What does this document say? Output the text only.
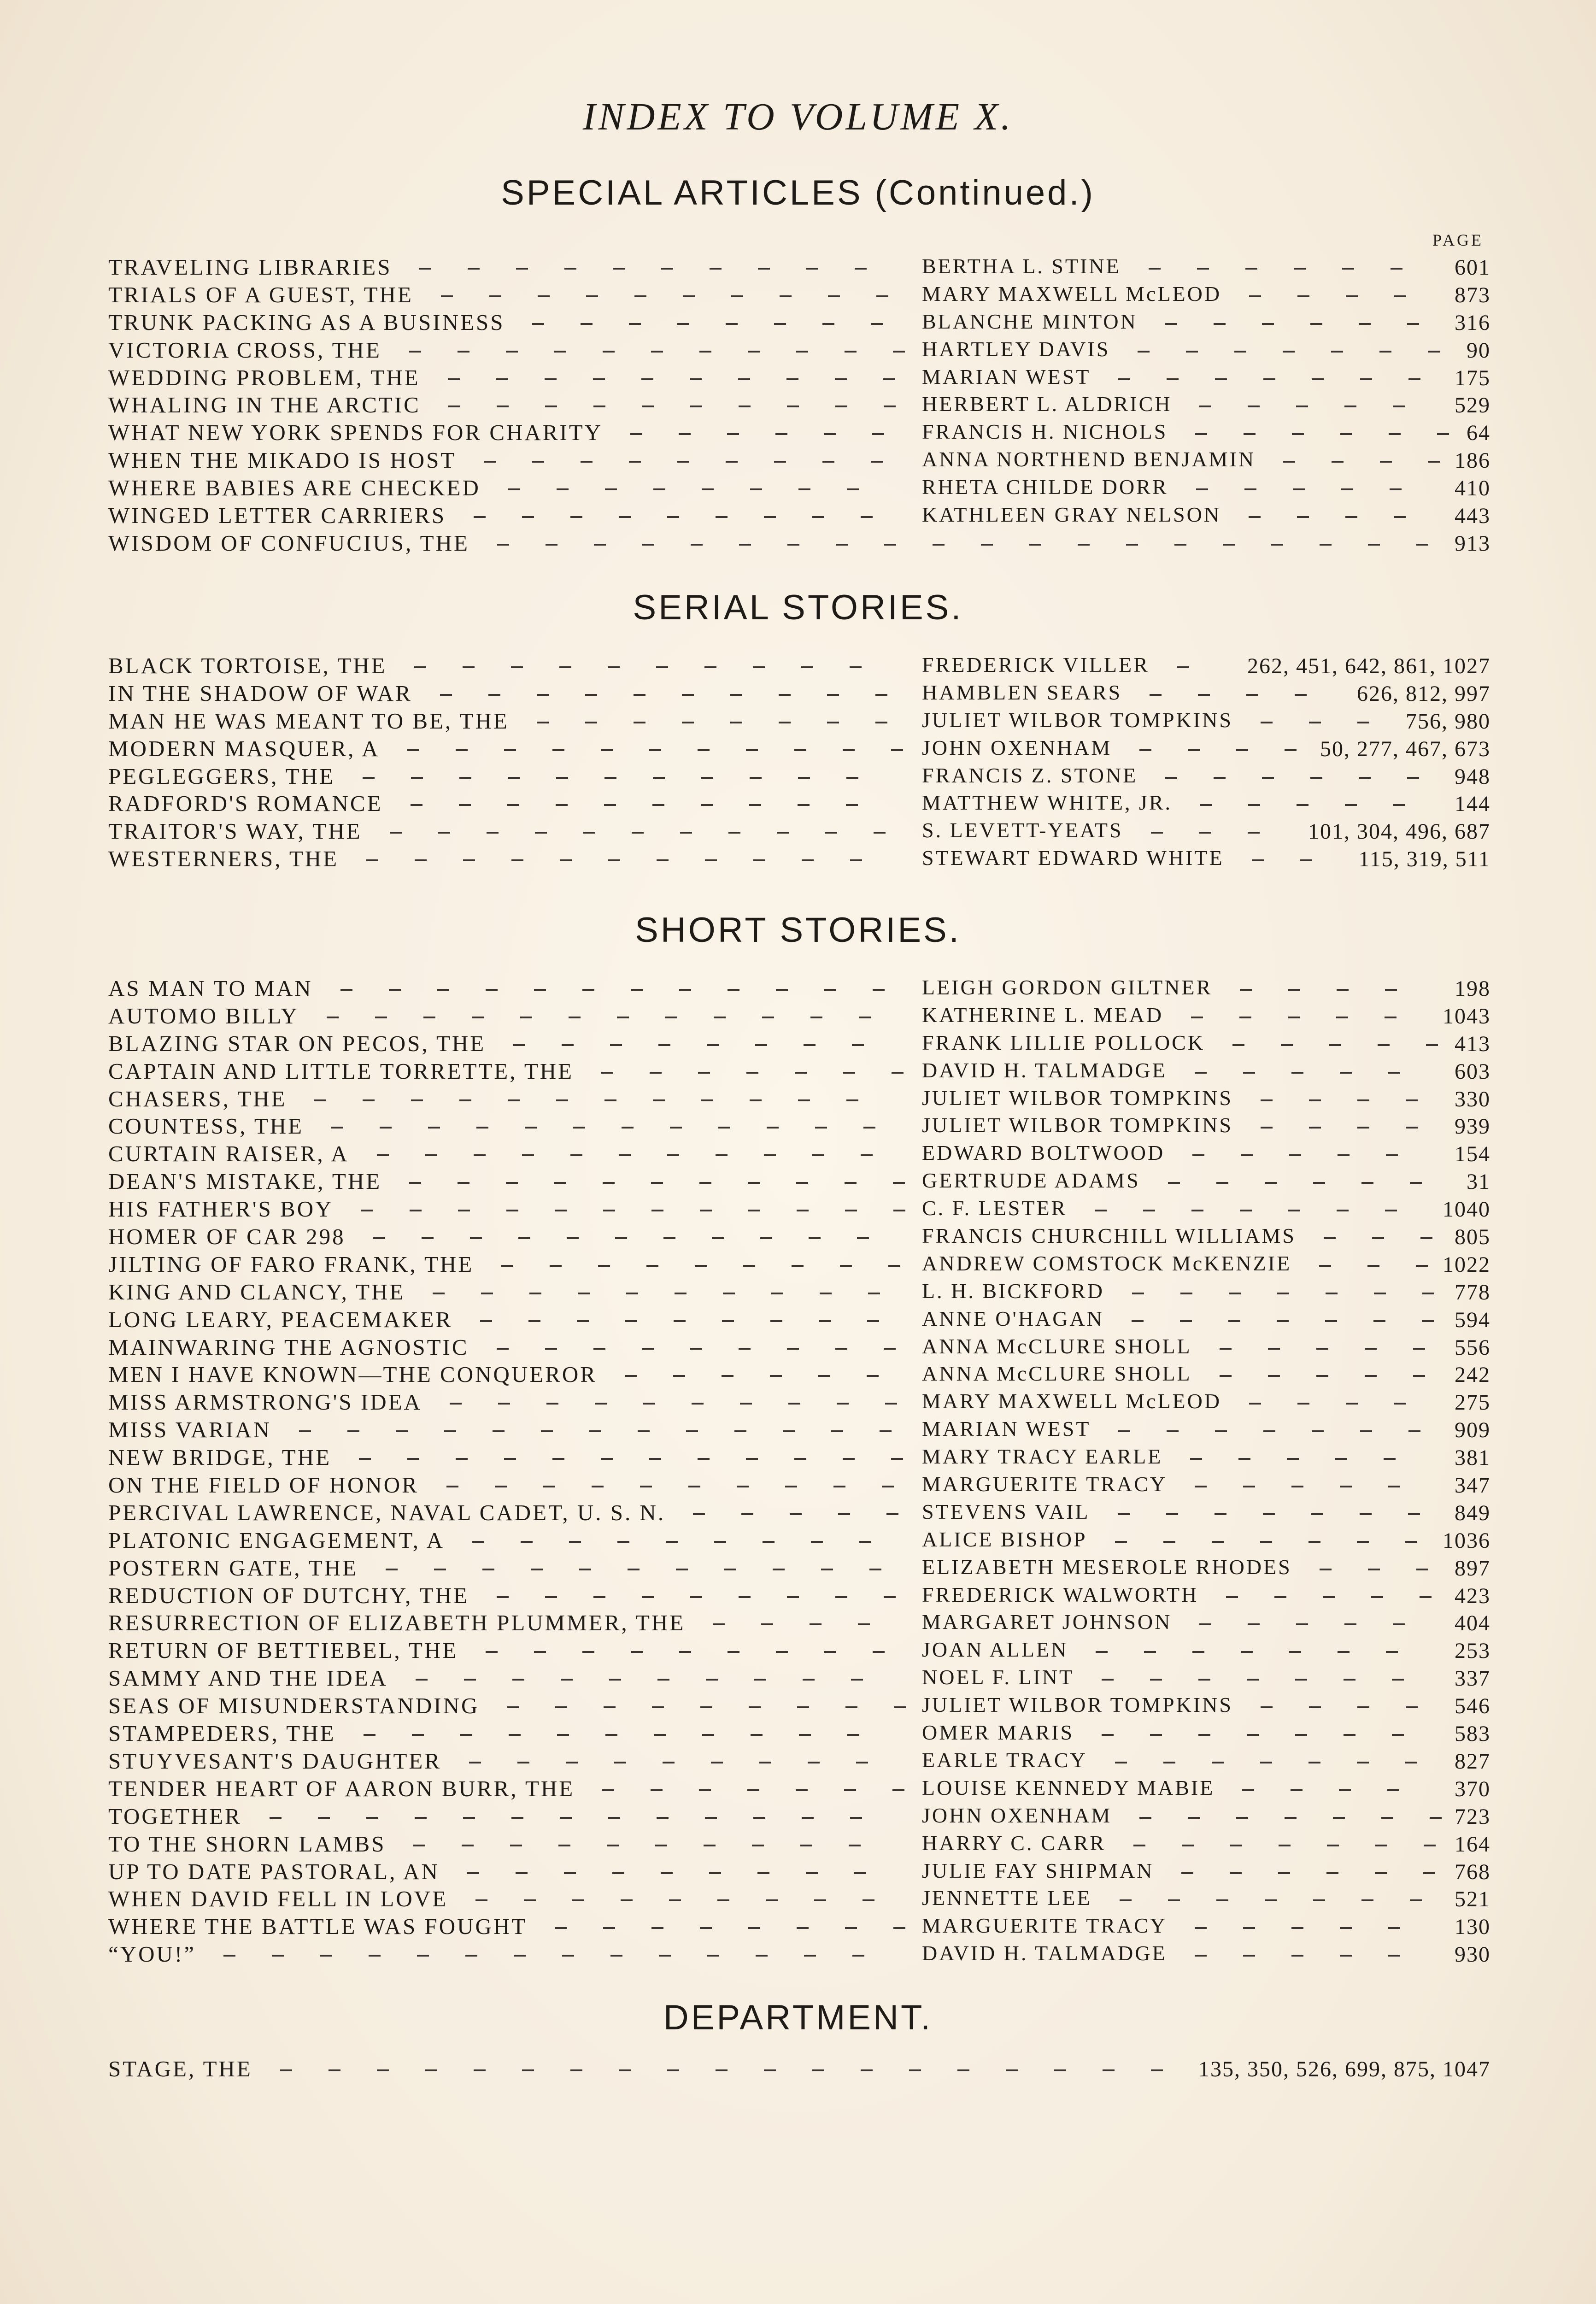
INDEX TO VOLUME X.
SPECIAL ARTICLES (Continued.)
PAGE
TRAVELING LIBRARIES	BERTHA L. STINE	601
TRIALS OF A GUEST, THE	MARY MAXWELL McLEOD	873
TRUNK PACKING AS A BUSINESS	BLANCHE MINTON	316
VICTORIA CROSS, THE	HARTLEY DAVIS	90
WEDDING PROBLEM, THE	MARIAN WEST	175
WHALING IN THE ARCTIC	HERBERT L. ALDRICH	529
WHAT NEW YORK SPENDS FOR CHARITY	FRANCIS H. NICHOLS	64
WHEN THE MIKADO IS HOST	ANNA NORTHEND BENJAMIN	186
WHERE BABIES ARE CHECKED	RHETA CHILDE DORR	410
WINGED LETTER CARRIERS	KATHLEEN GRAY NELSON	443
WISDOM OF CONFUCIUS, THE	913
SERIAL STORIES.
BLACK TORTOISE, THE	FREDERICK VILLER	262, 451, 642, 861, 1027
IN THE SHADOW OF WAR	HAMBLEN SEARS	626, 812, 997
MAN HE WAS MEANT TO BE, THE	JULIET WILBOR TOMPKINS	756, 980
MODERN MASQUER, A	JOHN OXENHAM	50, 277, 467, 673
PEGLEGGERS, THE	FRANCIS Z. STONE	948
RADFORD'S ROMANCE	MATTHEW WHITE, JR.	144
TRAITOR'S WAY, THE	S. LEVETT-YEATS	101, 304, 496, 687
WESTERNERS, THE	STEWART EDWARD WHITE	115, 319, 511
SHORT STORIES.
AS MAN TO MAN	LEIGH GORDON GILTNER	198
AUTOMO BILLY	KATHERINE L. MEAD	1043
BLAZING STAR ON PECOS, THE	FRANK LILLIE POLLOCK	413
CAPTAIN AND LITTLE TORRETTE, THE	DAVID H. TALMADGE	603
CHASERS, THE	JULIET WILBOR TOMPKINS	330
COUNTESS, THE	JULIET WILBOR TOMPKINS	939
CURTAIN RAISER, A	EDWARD BOLTWOOD	154
DEAN'S MISTAKE, THE	GERTRUDE ADAMS	31
HIS FATHER'S BOY	C. F. LESTER	1040
HOMER OF CAR 298	FRANCIS CHURCHILL WILLIAMS	805
JILTING OF FARO FRANK, THE	ANDREW COMSTOCK McKENZIE	1022
KING AND CLANCY, THE	L. H. BICKFORD	778
LONG LEARY, PEACEMAKER	ANNE O'HAGAN	594
MAINWARING THE AGNOSTIC	ANNA McCLURE SHOLL	556
MEN I HAVE KNOWN—THE CONQUEROR	ANNA McCLURE SHOLL	242
MISS ARMSTRONG'S IDEA	MARY MAXWELL McLEOD	275
MISS VARIAN	MARIAN WEST	909
NEW BRIDGE, THE	MARY TRACY EARLE	381
ON THE FIELD OF HONOR	MARGUERITE TRACY	347
PERCIVAL LAWRENCE, NAVAL CADET, U. S. N.	STEVENS VAIL	849
PLATONIC ENGAGEMENT, A	ALICE BISHOP	1036
POSTERN GATE, THE	ELIZABETH MESEROLE RHODES	897
REDUCTION OF DUTCHY, THE	FREDERICK WALWORTH	423
RESURRECTION OF ELIZABETH PLUMMER, THE	MARGARET JOHNSON	404
RETURN OF BETTIEBEL, THE	JOAN ALLEN	253
SAMMY AND THE IDEA	NOEL F. LINT	337
SEAS OF MISUNDERSTANDING	JULIET WILBOR TOMPKINS	546
STAMPEDERS, THE	OMER MARIS	583
STUYVESANT'S DAUGHTER	EARLE TRACY	827
TENDER HEART OF AARON BURR, THE	LOUISE KENNEDY MABIE	370
TOGETHER	JOHN OXENHAM	723
TO THE SHORN LAMBS	HARRY C. CARR	164
UP TO DATE PASTORAL, AN	JULIE FAY SHIPMAN	768
WHEN DAVID FELL IN LOVE	JENNETTE LEE	521
WHERE THE BATTLE WAS FOUGHT	MARGUERITE TRACY	130
“YOU!”	DAVID H. TALMADGE	930
DEPARTMENT.
STAGE, THE	135, 350, 526, 699, 875, 1047
